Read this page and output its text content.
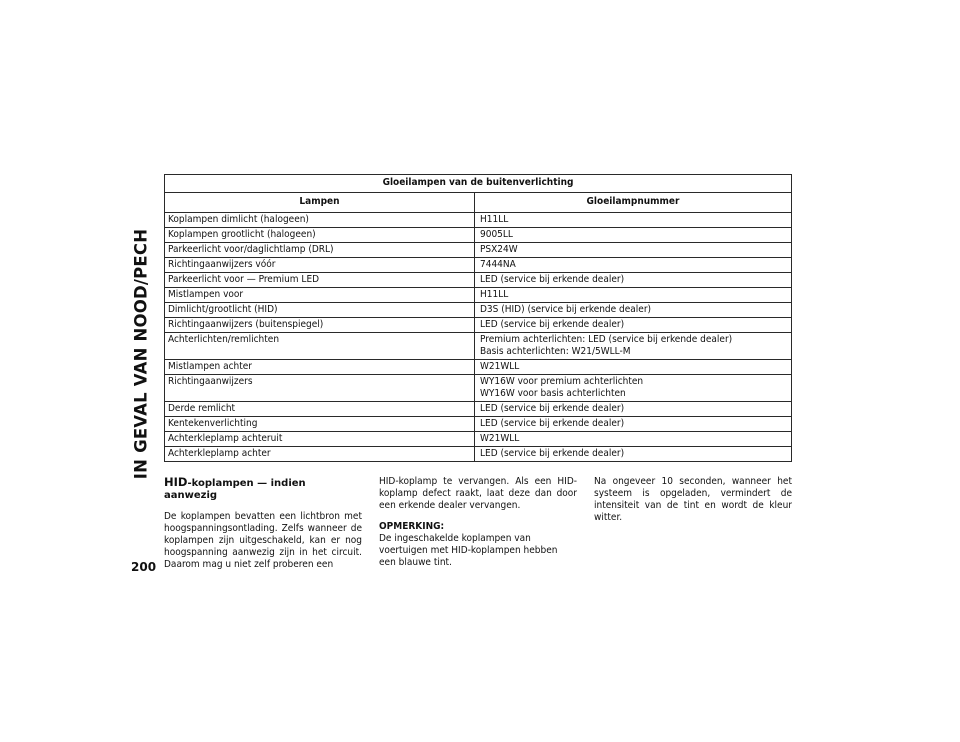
IN GEVAL VAN NOOD/PECH
200
Gloeilampen van de buitenverlichting	
Lampen	Gloeilampnummer
Koplampen dimlicht (halogeen)	H11LL

Koplampen grootlicht (halogeen)	9005LL

Parkeerlicht voor/daglichtlamp (DRL)	PSX24W

Richtingaanwijzers vóór	7444NA

Parkeerlicht voor — Premium LED	LED (service bij erkende dealer)

Mistlampen voor	H11LL

Dimlicht/grootlicht (HID)	D3S (HID) (service bij erkende dealer)

Richtingaanwijzers (buitenspiegel)	LED (service bij erkende dealer)

Achterlichten/remlichten	Premium achterlichten: LED (service bij erkende dealer)
Basis achterlichten: W21/5WLL-M

Mistlampen achter	W21WLL

Richtingaanwijzers	WY16W voor premium achterlichten
WY16W voor basis achterlichten

Derde remlicht	LED (service bij erkende dealer)

Kentekenverlichting	LED (service bij erkende dealer)

Achterkleplamp achteruit	W21WLL

Achterkleplamp achter	LED (service bij erkende dealer)
HID-koplampen — indien aanwezig

De koplampen bevatten een lichtbron met hoogspanningsontlading. Zelfs wanneer de koplampen zijn uitgeschakeld, kan er nog hoogspanning aanwezig zijn in het circuit. Daarom mag u niet zelf proberen een

HID-koplamp te vervangen. Als een HID-koplamp defect raakt, laat deze dan door een erkende dealer vervangen.

OPMERKING:

De ingeschakelde koplampen van voertuigen met HID-koplampen hebben een blauwe tint.

Na ongeveer 10 seconden, wanneer het systeem is opgeladen, vermindert de intensiteit van de tint en wordt de kleur witter.
